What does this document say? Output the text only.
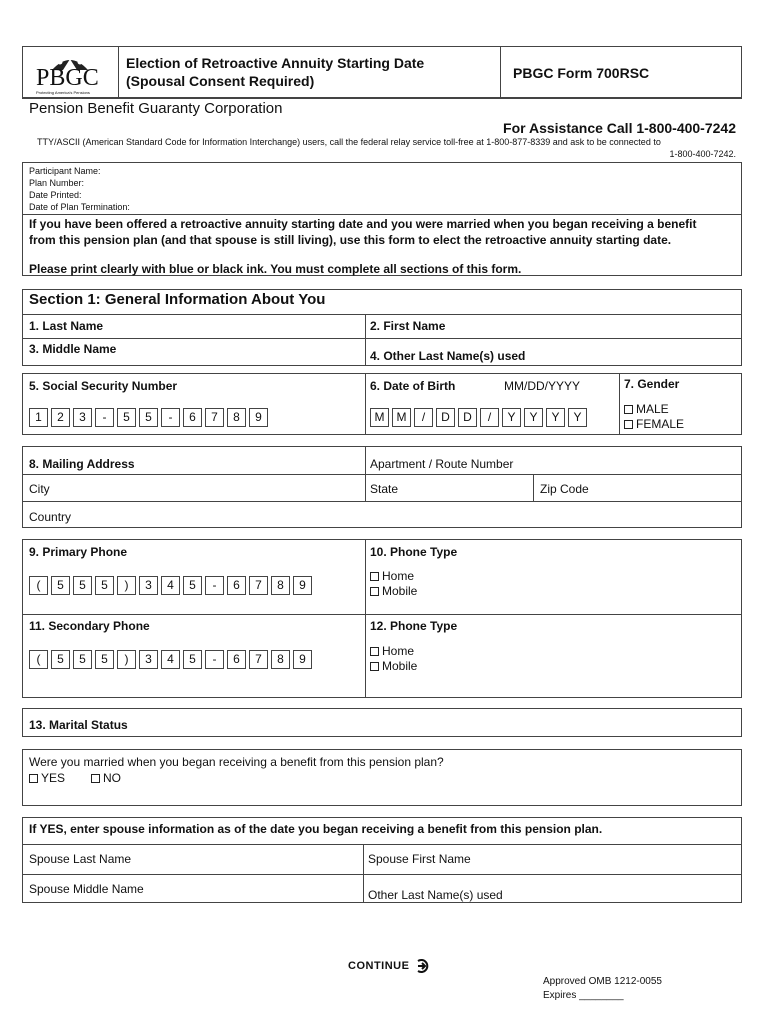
PBGC
Protecting America's Pensions
Election of Retroactive Annuity Starting Date
(Spousal Consent Required)	PBGC Form 700RSC
Pension Benefit Guaranty Corporation
For Assistance Call 1-800-400-7242
TTY/ASCII (American Standard Code for Information Interchange) users, call the federal relay service toll-free at 1-800-877-8339 and ask to be connected to
1-800-400-7242.
Participant Name:
Plan Number:
Date Printed:
Date of Plan Termination:
If you have been offered a retroactive annuity starting date and you were married when you began receiving a benefit
from this pension plan (and that spouse is still living), use this form to elect the retroactive annuity starting date.
Please print clearly with blue or black ink. You must complete all sections of this form.
Section 1: General Information About You
1. Last Name	2. First Name
3. Middle Name	4. Other Last Name(s) used
5. Social Security Number
1	2	3	-	5	5	-	6	7	8	9
6. Date of Birth	MM/DD/YYYY
M	M	/	D	D	/	Y	Y	Y	Y
7. Gender
MALE
FEMALE
8. Mailing Address	Apartment / Route Number
City	State	Zip Code
Country
9. Primary Phone
(	5	5	5	)	3	4	5	-	6	7	8	9
10. Phone Type
Home
Mobile
11. Secondary Phone
(	5	5	5	)	3	4	5	-	6	7	8	9
12. Phone Type
Home
Mobile
13. Marital Status
Were you married when you began receiving a benefit from this pension plan?
YES	NO
If YES, enter spouse information as of the date you began receiving a benefit from this pension plan.
Spouse Last Name	Spouse First Name
Spouse Middle Name	Other Last Name(s) used
CONTINUE
Approved OMB 1212-0055
Expires ________
